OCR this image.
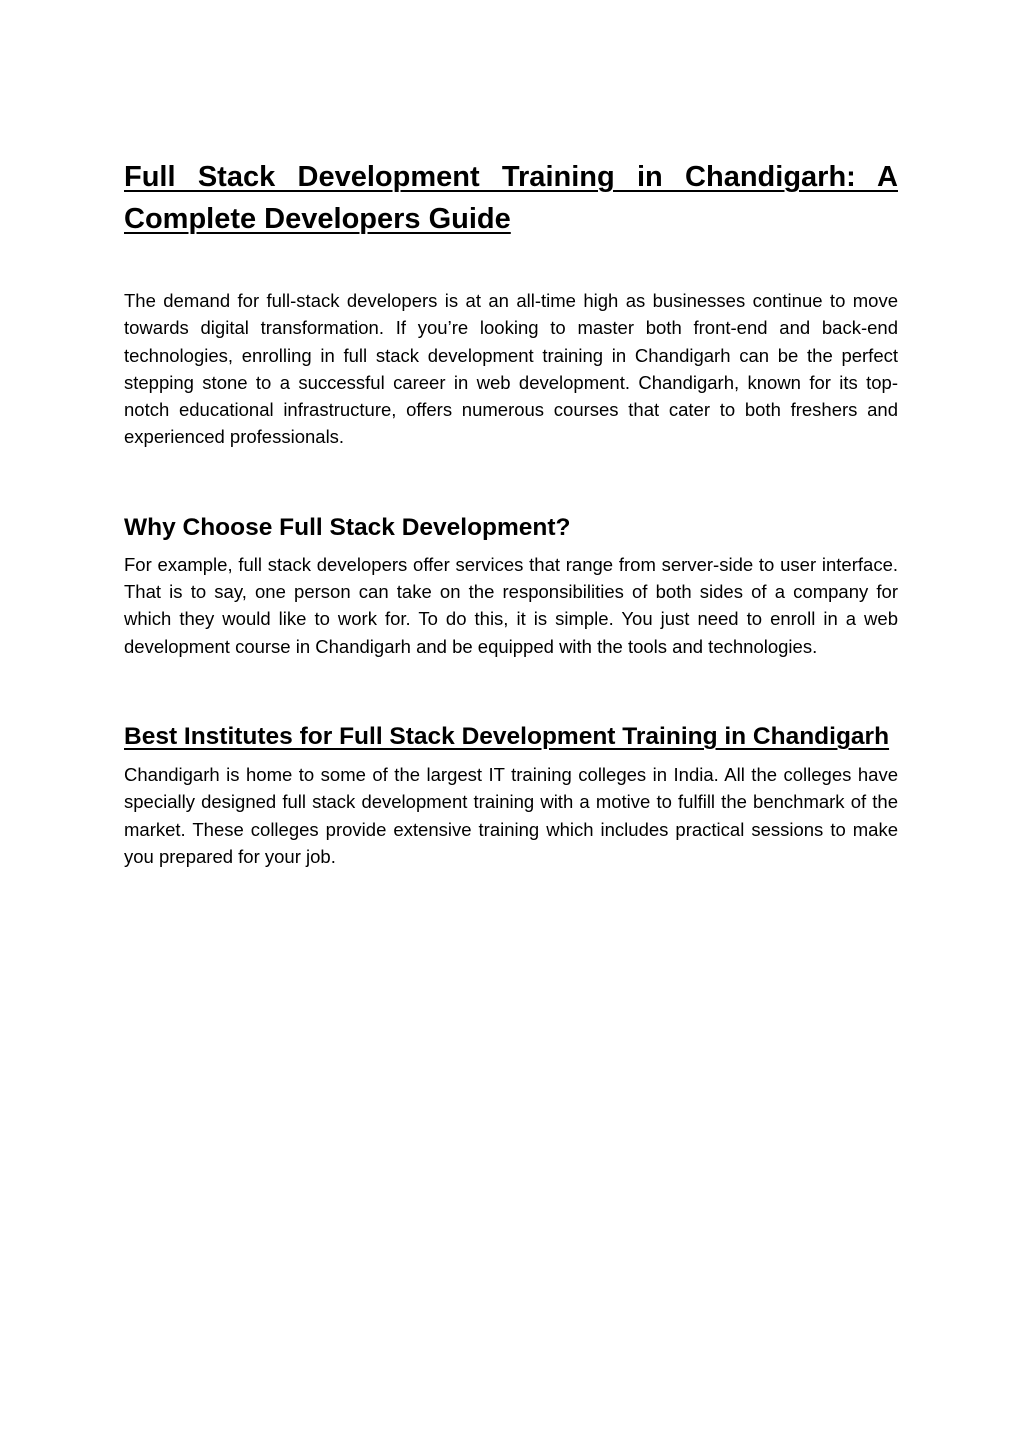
Full Stack Development Training in Chandigarh: A Complete Developers Guide

The demand for full-stack developers is at an all-time high as businesses continue to move towards digital transformation. If you’re looking to master both front-end and back-end technologies, enrolling in full stack development training in Chandigarh can be the perfect stepping stone to a successful career in web development. Chandigarh, known for its top-notch educational infrastructure, offers numerous courses that cater to both freshers and experienced professionals.

Why Choose Full Stack Development?

For example, full stack developers offer services that range from server-side to user interface. That is to say, one person can take on the responsibilities of both sides of a company for which they would like to work for. To do this, it is simple. You just need to enroll in a web development course in Chandigarh and be equipped with the tools and technologies.

Best Institutes for Full Stack Development Training in Chandigarh

Chandigarh is home to some of the largest IT training colleges in India. All the colleges have specially designed full stack development training with a motive to fulfill the benchmark of the market. These colleges provide extensive training which includes practical sessions to make you prepared for your job.
